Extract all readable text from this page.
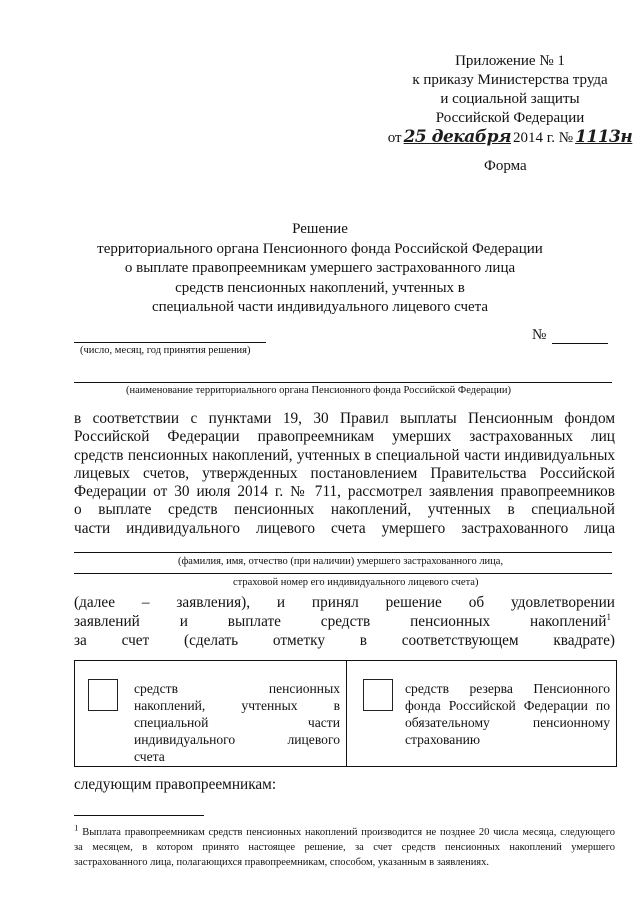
Приложение № 1
к приказу Министерства труда
и социальной защиты
Российской Федерации
от 25 декабря 2014 г. № 1113н
Форма
Решение
территориального органа Пенсионного фонда Российской Федерации
о выплате правопреемникам умершего застрахованного лица
средств пенсионных накоплений, учтенных в
специальной части индивидуального лицевого счета
(число, месяц, год принятия решения)
№
(наименование территориального органа Пенсионного фонда Российской Федерации)
в соответствии с пунктами 19, 30 Правил выплаты Пенсионным фондом
Российской Федерации правопреемникам умерших застрахованных лиц
средств пенсионных накоплений, учтенных в специальной части индивидуальных
лицевых счетов, утвержденных постановлением Правительства Российской
Федерации от 30 июля 2014 г. № 711, рассмотрел заявления правопреемников
о выплате средств пенсионных накоплений, учтенных в специальной
части индивидуального лицевого счета умершего застрахованного лица
(фамилия, имя, отчество (при наличии) умершего застрахованного лица,
страховой номер его индивидуального лицевого счета)
(далее – заявления), и принял решение об удовлетворении
заявлений и выплате средств пенсионных накоплений$^1$
за счет (сделать отметку в соответствующем квадрате)
средств пенсионных
накоплений, учтенных в
специальной части
индивидуального лицевого
счета
средств резерва Пенсионного
фонда Российской Федерации по
обязательному пенсионному
страхованию
следующим правопреемникам:
$^1$ Выплата правопреемникам средств пенсионных накоплений производится не позднее 20 числа месяца, следующего
за месяцем, в котором принято настоящее решение, за счет средств пенсионных накоплений умершего
застрахованного лица, полагающихся правопреемникам, способом, указанным в заявлениях.
